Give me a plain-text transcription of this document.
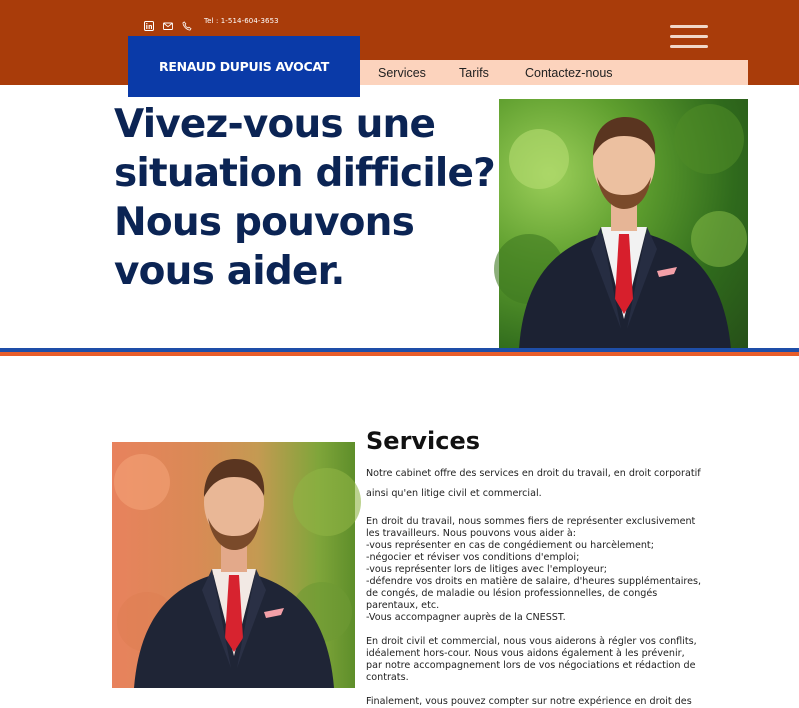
Tel : 1-514-604-3653
Services	Tarifs	Contactez-nous
RENAUD DUPUIS AVOCAT
Vivez-vous une
situation difficile?
Nous pouvons
vous aider.
Services

Notre cabinet offre des services en droit du travail, en droit corporatif
ainsi qu'en litige civil et commercial.

En droit du travail, nous sommes fiers de représenter exclusivement
les travailleurs. Nous pouvons vous aider à:
-vous représenter en cas de congédiement ou harcèlement;
-négocier et réviser vos conditions d'emploi;
-vous représenter lors de litiges avec l'employeur;
-défendre vos droits en matière de salaire, d'heures supplémentaires,
de congés, de maladie ou lésion professionnelles, de congés
parentaux, etc.
-Vous accompagner auprès de la CNESST.

En droit civil et commercial, nous vous aiderons à régler vos conflits,
idéalement hors-cour. Nous vous aidons également à les prévenir,
par notre accompagnement lors de vos négociations et rédaction de
contrats.

Finalement, vous pouvez compter sur notre expérience en droit des
